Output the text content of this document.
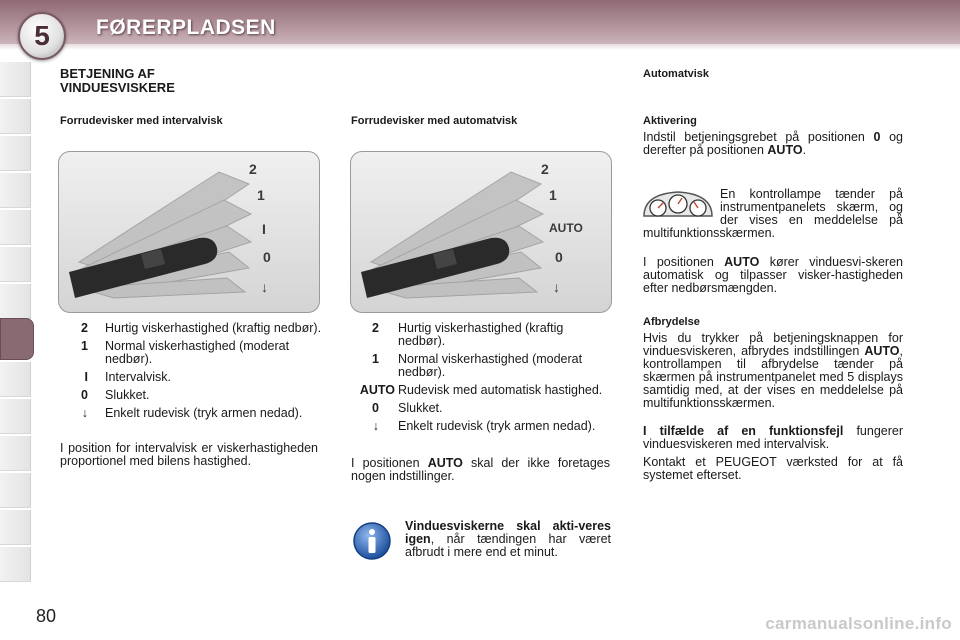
5	FØRERPLADSEN
BETJENING AF VINDUESVISKERE
Forrudevisker med intervalvisk
2
1
I
0
↓
2 Hurtig viskerhastighed (kraftig nedbør).
1 Normal viskerhastighed (moderat nedbør).
I Intervalvisk.
0 Slukket.
↓ Enkelt rudevisk (tryk armen nedad).
I position for intervalvisk er viskerhastigheden proportionel med bilens hastighed.
Forrudevisker med automatvisk
2
1
AUTO
0
↓
2 Hurtig viskerhastighed (kraftig nedbør).
1 Normal viskerhastighed (moderat nedbør).
AUTO Rudevisk med automatisk hastighed.
0 Slukket.
↓ Enkelt rudevisk (tryk armen nedad).
I positionen AUTO skal der ikke foretages nogen indstillinger.
Vinduesviskerne skal akti-veres igen, når tændingen har været afbrudt i mere end et minut.
Automatvisk
Aktivering
Indstil betjeningsgrebet på positionen 0 og derefter på positionen AUTO.
En kontrollampe tænder på instrumentpanelets skærm, og der vises en meddelelse på multifunktionsskærmen.
I positionen AUTO kører vinduesvi-skeren automatisk og tilpasser visker-hastigheden efter nedbørsmængden.
Afbrydelse
Hvis du trykker på betjeningsknappen for vinduesviskeren, afbrydes indstillingen AUTO, kontrollampen til afbrydelse tænder på skærmen på instrumentpanelet med 5 displays samtidig med, at der vises en meddelelse på multifunktionsskærmen.
I tilfælde af en funktionsfejl fungerer vinduesviskeren med intervalvisk.
Kontakt et PEUGEOT værksted for at få systemet efterset.
80	carmanualsonline.info
